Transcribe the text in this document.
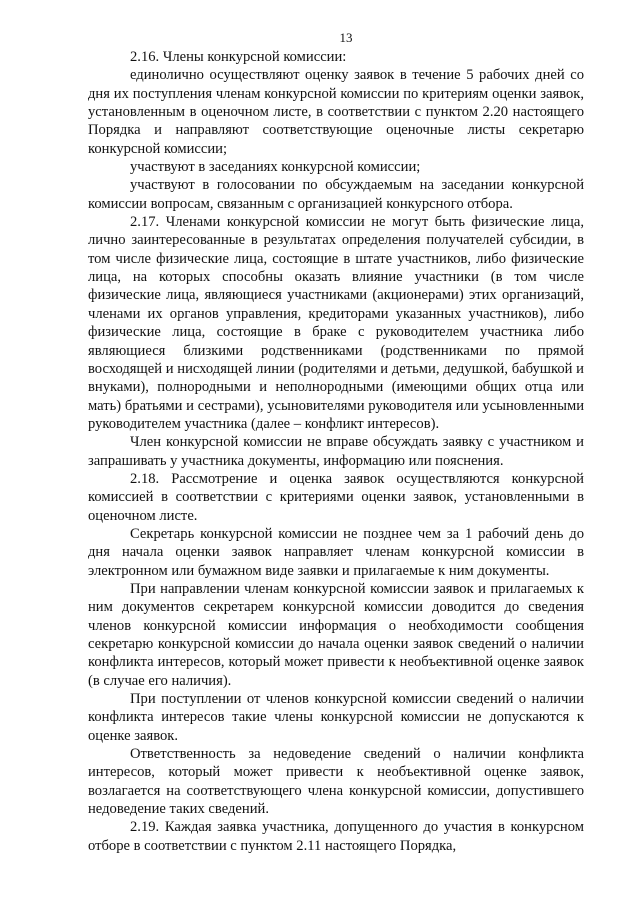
13

2.16. Члены конкурсной комиссии:

единолично осуществляют оценку заявок в течение 5 рабочих дней со дня их поступления членам конкурсной комиссии по критериям оценки заявок, установленным в оценочном листе, в соответствии с пунктом 2.20 настоящего Порядка и направляют соответствующие оценочные листы секретарю конкурсной комиссии;

участвуют в заседаниях конкурсной комиссии;

участвуют в голосовании по обсуждаемым на заседании конкурсной комиссии вопросам, связанным с организацией конкурсного отбора.

2.17. Членами конкурсной комиссии не могут быть физические лица, лично заинтересованные в результатах определения получателей субсидии, в том числе физические лица, состоящие в штате участников, либо физические лица, на которых способны оказать влияние участники (в том числе физические лица, являющиеся участниками (акционерами) этих организаций, членами их органов управления, кредиторами указанных участников), либо физические лица, состоящие в браке с руководителем участника либо являющиеся близкими родственниками (родственниками по прямой восходящей и нисходящей линии (родителями и детьми, дедушкой, бабушкой и внуками), полнородными и неполнородными (имеющими общих отца или мать) братьями и сестрами), усыновителями руководителя или усыновленными руководителем участника (далее – конфликт интересов).

Член конкурсной комиссии не вправе обсуждать заявку с участником и запрашивать у участника документы, информацию или пояснения.

2.18. Рассмотрение и оценка заявок осуществляются конкурсной комиссией в соответствии с критериями оценки заявок, установленными в оценочном листе.

Секретарь конкурсной комиссии не позднее чем за 1 рабочий день до дня начала оценки заявок направляет членам конкурсной комиссии в электронном или бумажном виде заявки и прилагаемые к ним документы.

При направлении членам конкурсной комиссии заявок и прилагаемых к ним документов секретарем конкурсной комиссии доводится до сведения членов конкурсной комиссии информация о необходимости сообщения секретарю конкурсной комиссии до начала оценки заявок сведений о наличии конфликта интересов, который может привести к необъективной оценке заявок (в случае его наличия).

При поступлении от членов конкурсной комиссии сведений о наличии конфликта интересов такие члены конкурсной комиссии не допускаются к оценке заявок.

Ответственность за недоведение сведений о наличии конфликта интересов, который может привести к необъективной оценке заявок, возлагается на соответствующего члена конкурсной комиссии, допустившего недоведение таких сведений.

2.19. Каждая заявка участника, допущенного до участия в конкурсном отборе в соответствии с пунктом 2.11 настоящего Порядка,
